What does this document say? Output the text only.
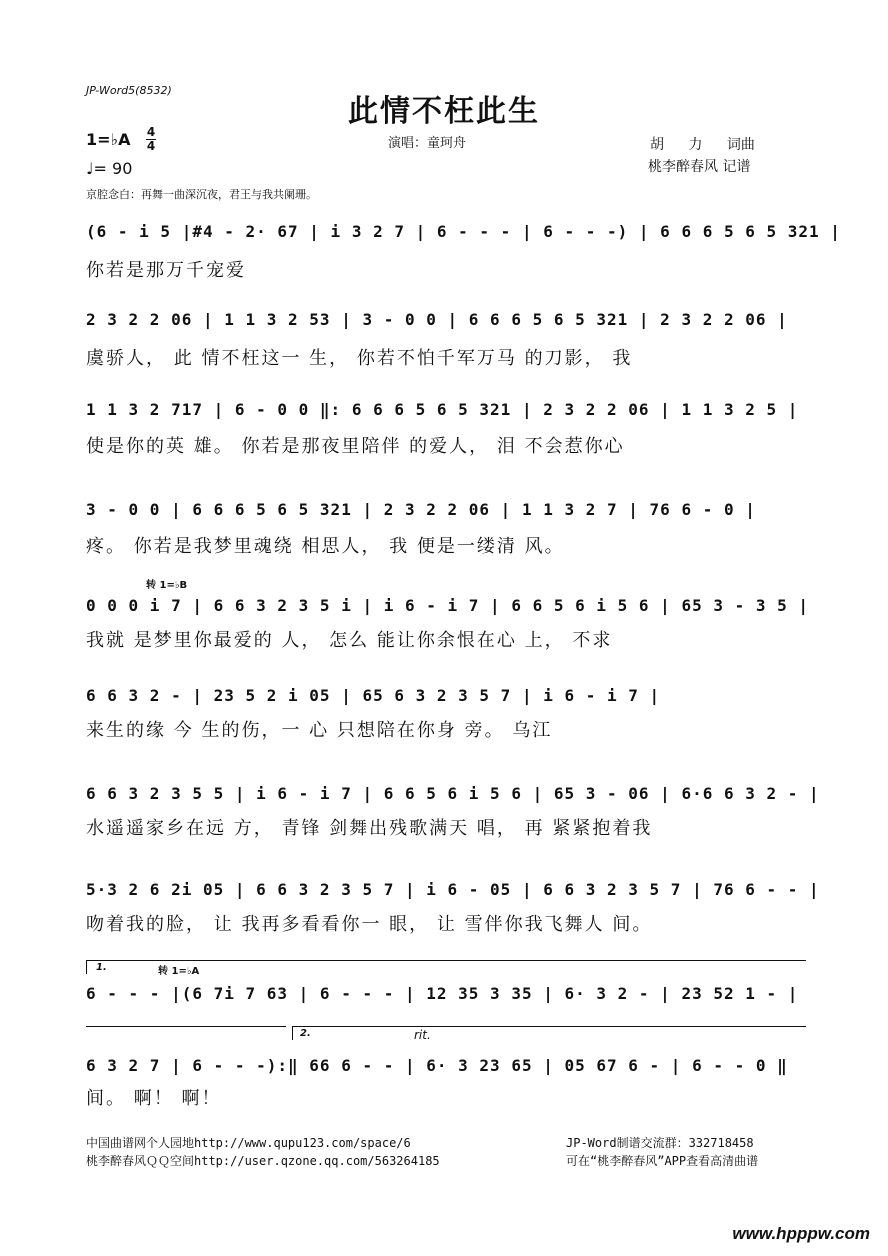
JP-Word5(8532)
此情不枉此生
1=♭A 4
4
♩= 90
演唱：童珂舟	胡 力 词曲
桃李醉春风 记谱
京腔念白：再舞一曲深沉夜，君王与我共阑珊。
(6 - i 5 |#4 - 2· 67 | i 3 2 7 | 6 - - - | 6 - - -) | 6 6 6 5 6 5 321 |
你若是那万千宠爱
2 3 2 2 06 | 1 1 3 2 53 | 3 - 0 0 | 6 6 6 5 6 5 321 | 2 3 2 2 06 |
虞骄人， 此 情不枉这一 生， 你若不怕千军万马 的刀影， 我
1 1 3 2 717 | 6 - 0 0 ‖: 6 6 6 5 6 5 321 | 2 3 2 2 06 | 1 1 3 2 5 |
使是你的英 雄。 你若是那夜里陪伴 的爱人， 泪 不会惹你心
3 - 0 0 | 6 6 6 5 6 5 321 | 2 3 2 2 06 | 1 1 3 2 7 | 76 6 - 0 |
疼。 你若是我梦里魂绕 相思人， 我 便是一缕清 风。
转 1=♭B
0 0 0 i 7 | 6 6 3 2 3 5 i | i 6 - i 7 | 6 6 5 6 i 5 6 | 65 3 - 3 5 |
我就 是梦里你最爱的 人， 怎么 能让你余恨在心 上， 不求
6 6 3 2 - | 23 5 2 i 05 | 65 6 3 2 3 5 7 | i 6 - i 7 |
来生的缘 今 生的伤，一 心 只想陪在你身 旁。 乌江
6 6 3 2 3 5 5 | i 6 - i 7 | 6 6 5 6 i 5 6 | 65 3 - 06 | 6·6 6 3 2 - |
水遥遥家乡在远 方， 青锋 剑舞出残歌满天 唱， 再 紧紧抱着我
5·3 2 6 2i 05 | 6 6 3 2 3 5 7 | i 6 - 05 | 6 6 3 2 3 5 7 | 76 6 - - |
吻着我的脸， 让 我再多看看你一 眼， 让 雪伴你我飞舞人 间。
1.	转 1=♭A
6 - - - |(6 7i 7 63 | 6 - - - | 12 35 3 35 | 6· 3 2 - | 23 52 1 - |
2.	rit.
6 3 2 7 | 6 - - -):‖ 66 6 - - | 6· 3 23 65 | 05 67 6 - | 6 - - 0 ‖
间。 啊！ 啊！
中国曲谱网个人园地http://www.qupu123.com/space/6
桃李醉春风ＱＱ空间http://user.qzone.qq.com/563264185
JP-Word制谱交流群：332718458
可在“桃李醉春风”APP查看高清曲谱
www.hpppw.com
